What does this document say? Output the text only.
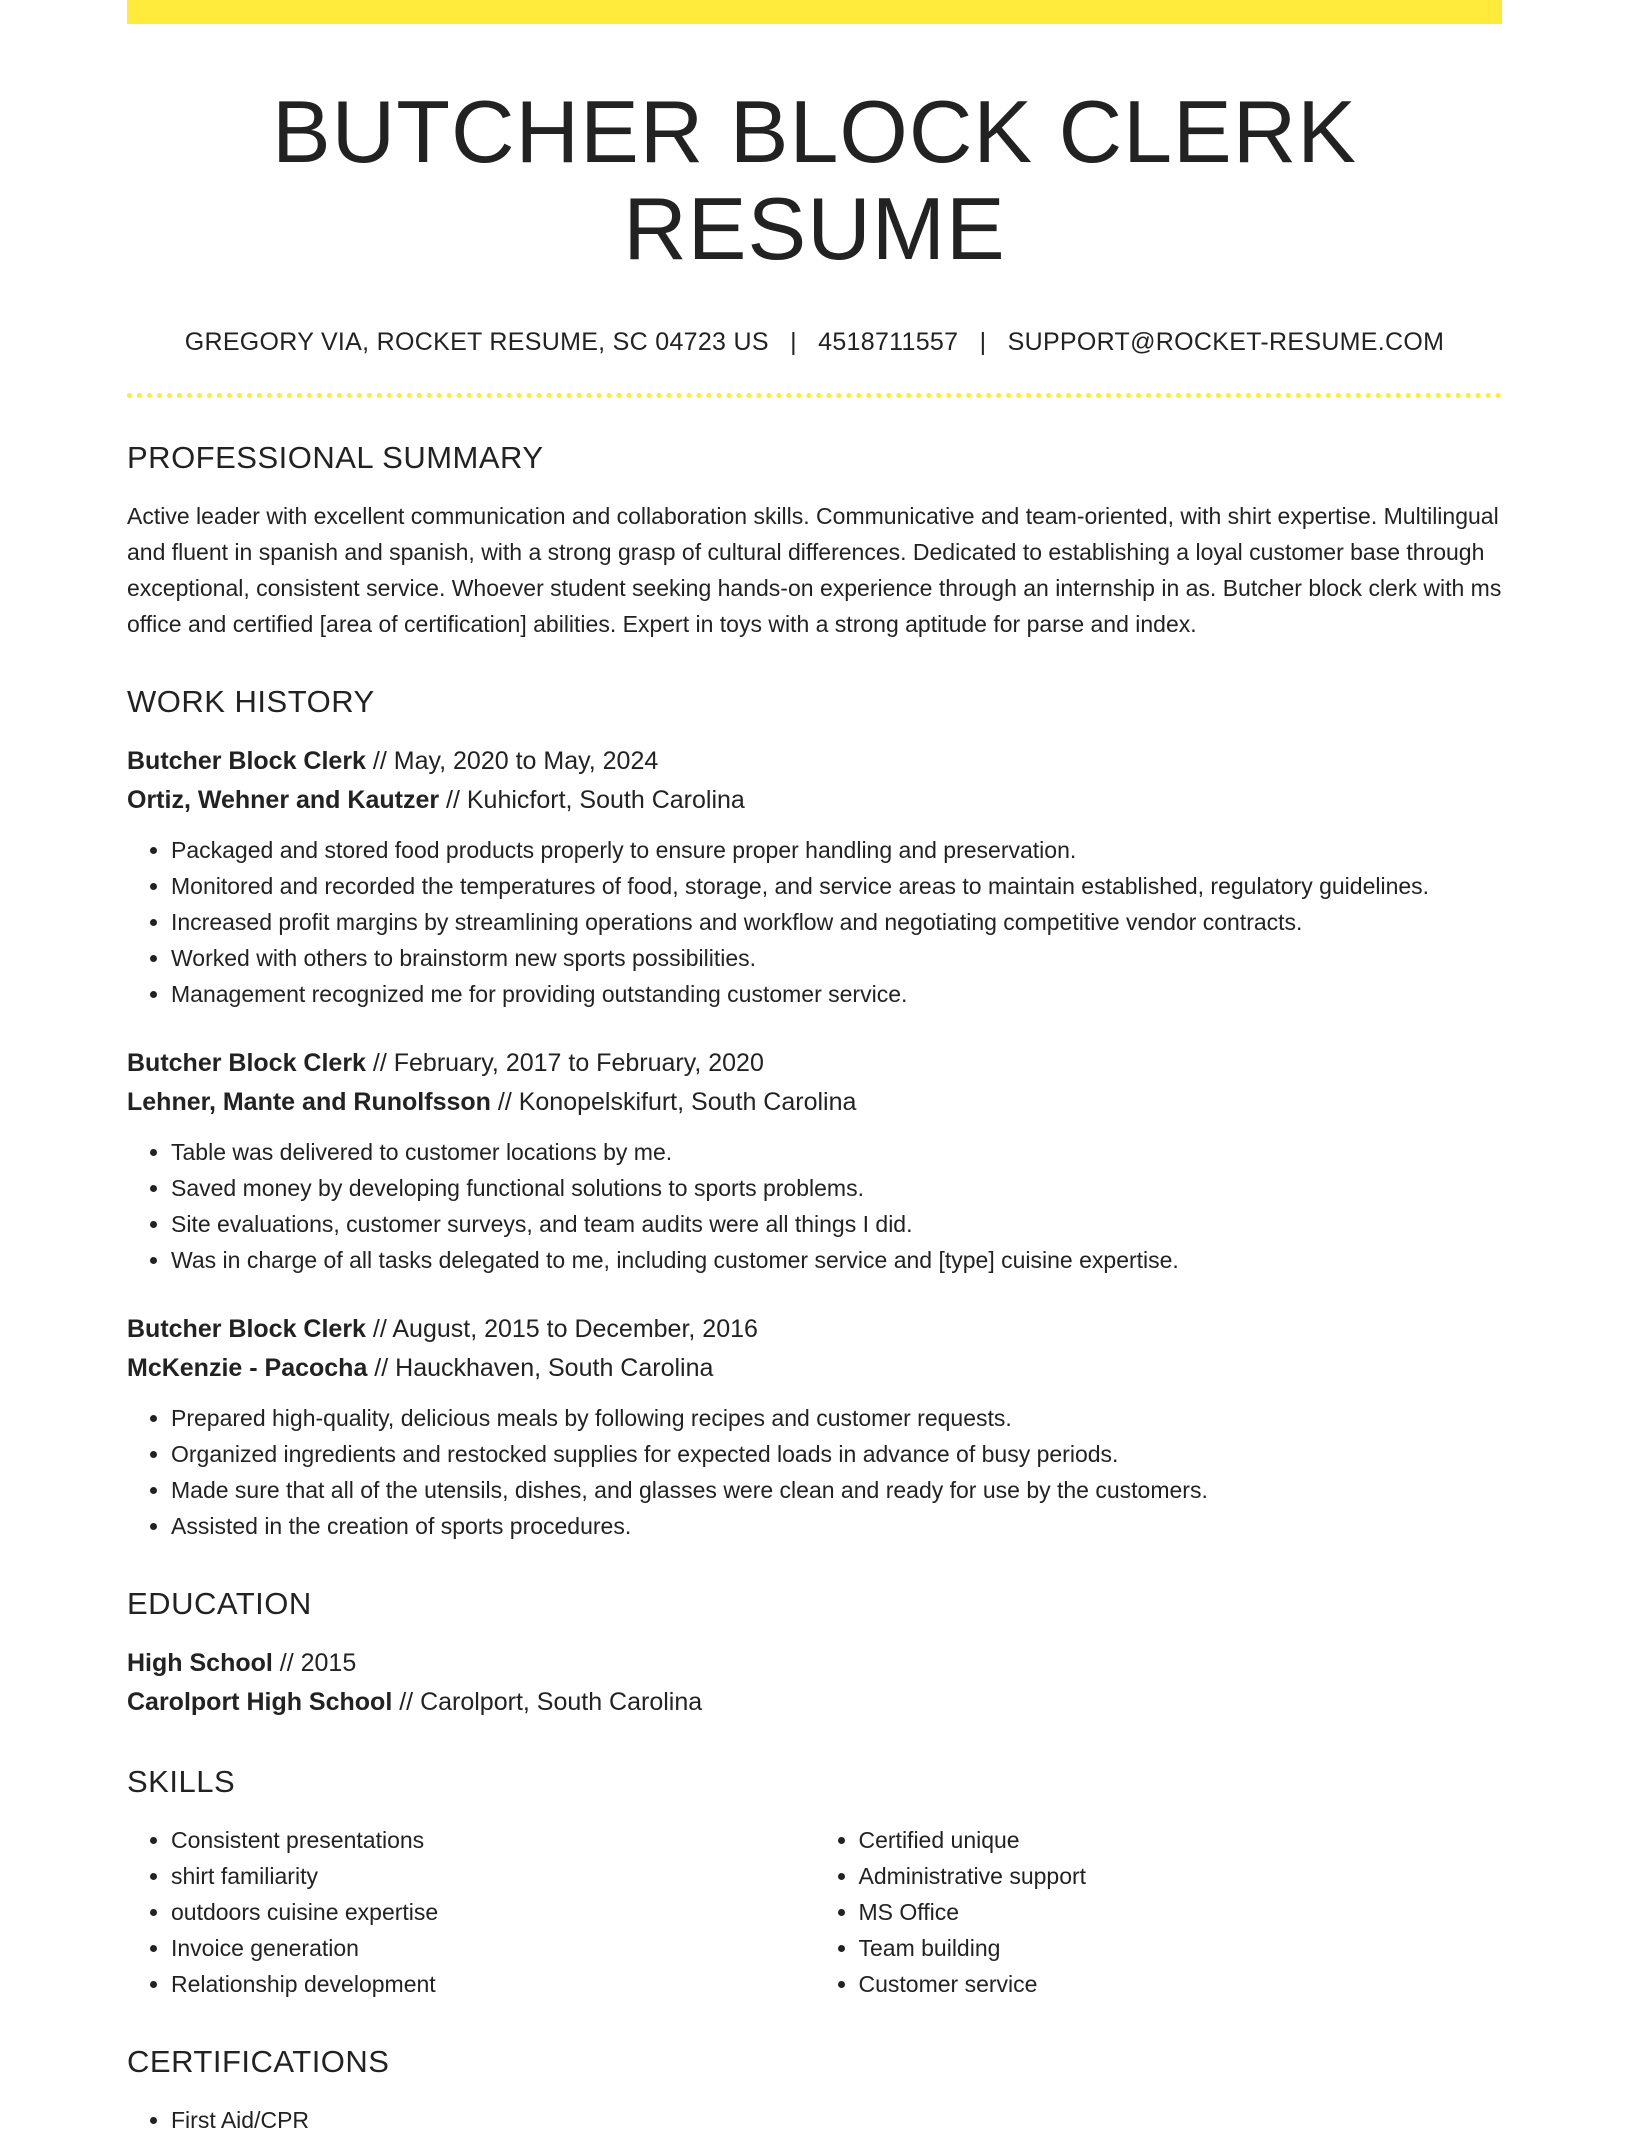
BUTCHER BLOCK CLERK RESUME
GREGORY VIA, ROCKET RESUME, SC 04723 US | 4518711557 | SUPPORT@ROCKET-RESUME.COM
PROFESSIONAL SUMMARY

Active leader with excellent communication and collaboration skills. Communicative and team-oriented, with shirt expertise. Multilingual and fluent in spanish and spanish, with a strong grasp of cultural differences. Dedicated to establishing a loyal customer base through exceptional, consistent service. Whoever student seeking hands-on experience through an internship in as. Butcher block clerk with ms office and certified [area of certification] abilities. Expert in toys with a strong aptitude for parse and index.

WORK HISTORY
Butcher Block Clerk // May, 2020 to May, 2024
Ortiz, Wehner and Kautzer // Kuhicfort, South Carolina
• Packaged and stored food products properly to ensure proper handling and preservation.
• Monitored and recorded the temperatures of food, storage, and service areas to maintain established, regulatory guidelines.
• Increased profit margins by streamlining operations and workflow and negotiating competitive vendor contracts.
• Worked with others to brainstorm new sports possibilities.
• Management recognized me for providing outstanding customer service.
Butcher Block Clerk // February, 2017 to February, 2020
Lehner, Mante and Runolfsson // Konopelskifurt, South Carolina
• Table was delivered to customer locations by me.
• Saved money by developing functional solutions to sports problems.
• Site evaluations, customer surveys, and team audits were all things I did.
• Was in charge of all tasks delegated to me, including customer service and [type] cuisine expertise.
Butcher Block Clerk // August, 2015 to December, 2016
McKenzie - Pacocha // Hauckhaven, South Carolina
• Prepared high-quality, delicious meals by following recipes and customer requests.
• Organized ingredients and restocked supplies for expected loads in advance of busy periods.
• Made sure that all of the utensils, dishes, and glasses were clean and ready for use by the customers.
• Assisted in the creation of sports procedures.
EDUCATION
High School // 2015
Carolport High School // Carolport, South Carolina
SKILLS
• Consistent presentations
• shirt familiarity
• outdoors cuisine expertise
• Invoice generation
• Relationship development
• Certified unique
• Administrative support
• MS Office
• Team building
• Customer service
CERTIFICATIONS
• First Aid/CPR
